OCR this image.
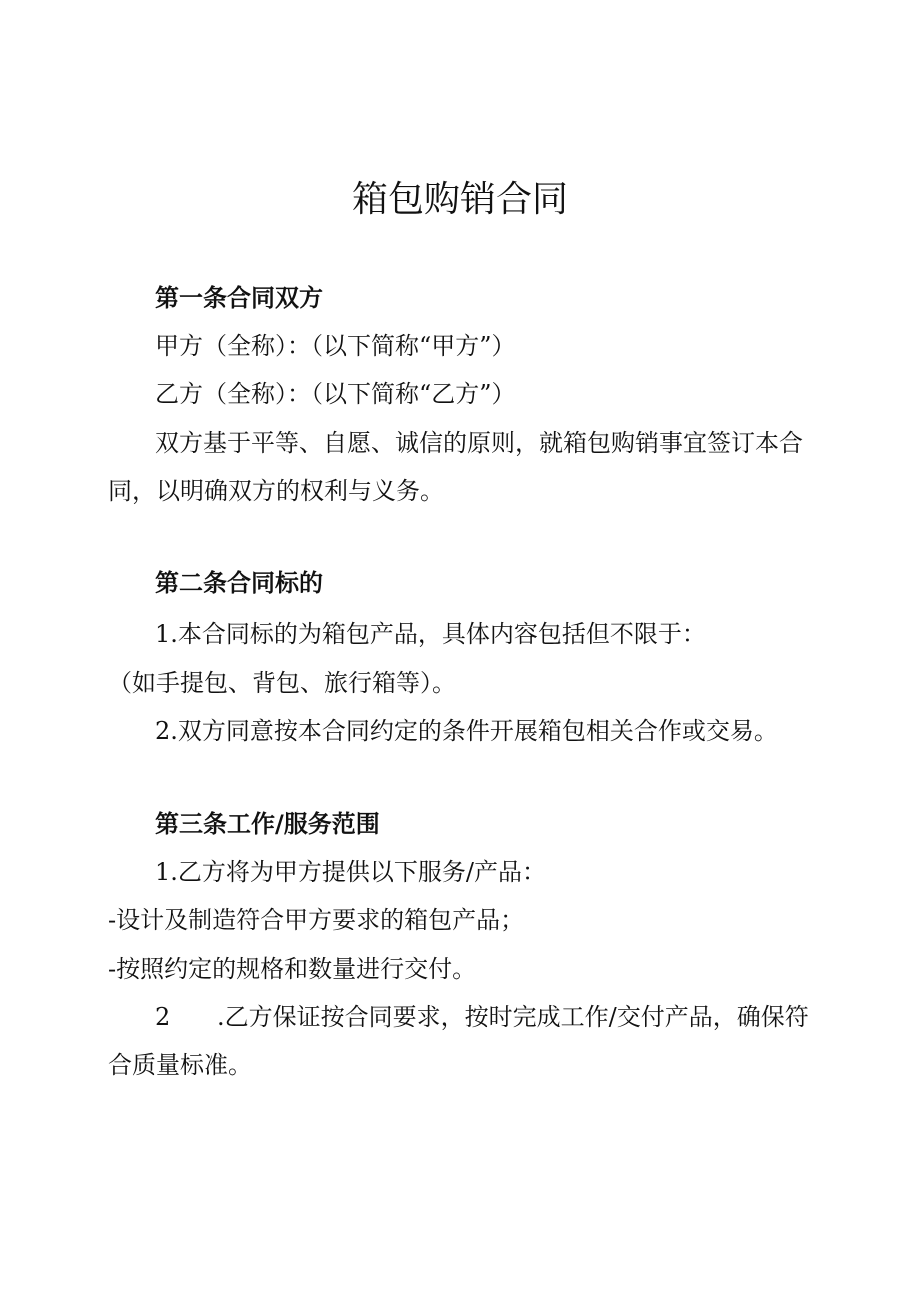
箱包购销合同
第一条合同双方
甲方（全称）：（以下简称“甲方”）
乙方（全称）：（以下简称“乙方”）
双方基于平等、自愿、诚信的原则，就箱包购销事宜签订本合
同，以明确双方的权利与义务。
第二条合同标的
1.本合同标的为箱包产品，具体内容包括但不限于：
（如手提包、背包、旅行箱等）。
2.双方同意按本合同约定的条件开展箱包相关合作或交易。
第三条工作/服务范围
1.乙方将为甲方提供以下服务/产品：
-设计及制造符合甲方要求的箱包产品；
-按照约定的规格和数量进行交付。
2 .乙方保证按合同要求，按时完成工作/交付产品，确保符
合质量标准。
